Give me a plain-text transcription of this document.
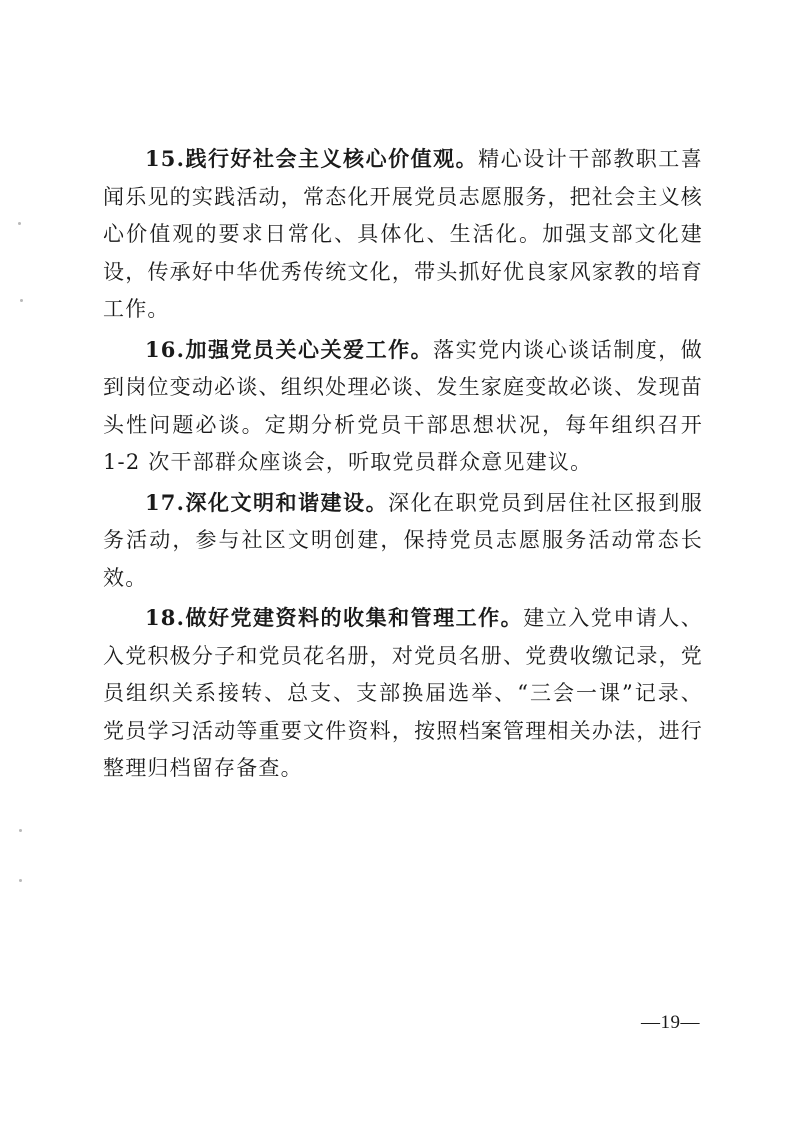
15.践行好社会主义核心价值观。精心设计干部教职工喜闻乐见的实践活动，常态化开展党员志愿服务，把社会主义核心价值观的要求日常化、具体化、生活化。加强支部文化建设，传承好中华优秀传统文化，带头抓好优良家风家教的培育工作。

16.加强党员关心关爱工作。落实党内谈心谈话制度，做到岗位变动必谈、组织处理必谈、发生家庭变故必谈、发现苗头性问题必谈。定期分析党员干部思想状况，每年组织召开 1-2 次干部群众座谈会，听取党员群众意见建议。

17.深化文明和谐建设。深化在职党员到居住社区报到服务活动，参与社区文明创建，保持党员志愿服务活动常态长效。

18.做好党建资料的收集和管理工作。建立入党申请人、入党积极分子和党员花名册，对党员名册、党费收缴记录，党员组织关系接转、总支、支部换届选举、“三会一课”记录、党员学习活动等重要文件资料，按照档案管理相关办法，进行整理归档留存备查。

—19—
